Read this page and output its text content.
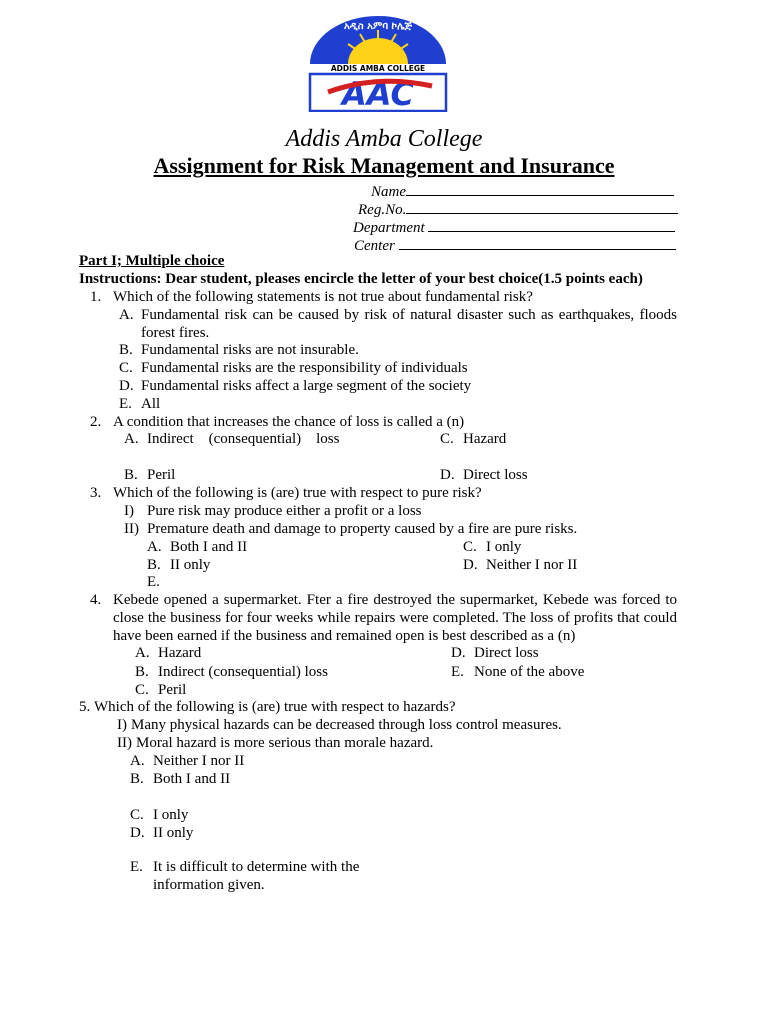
አዲስ አምባ ኮሌጅ
ADDIS AMBA COLLEGE
AAC
Addis Amba College
Assignment for Risk Management and Insurance
Name
Reg.No.
Department
Center
Part I; Multiple choice
Instructions: Dear student, pleases encircle the letter of your best choice(1.5 points each)
1. Which of the following statements is not true about fundamental risk?
A. Fundamental risk can be caused by risk of natural disaster such as earthquakes, floods forest fires.
B. Fundamental risks are not insurable.
C. Fundamental risks are the responsibility of individuals
D. Fundamental risks affect a large segment of the society
E. All
2. A condition that increases the chance of loss is called a (n)
A. Indirect    (consequential)    loss	C. Hazard
B. Peril	D. Direct loss
3. Which of the following is (are) true with respect to pure risk?
I) Pure risk may produce either a profit or a loss
II) Premature death and damage to property caused by a fire are pure risks.
A. Both I and II	C. I only
B. II only	D. Neither I nor II
E.
4. Kebede opened a supermarket. Fter a fire destroyed the supermarket, Kebede was forced to close the business for four weeks while repairs were completed. The loss of profits that could have been earned if the business and remained open is best described as a (n)
A. Hazard	D. Direct loss
B. Indirect (consequential) loss	E. None of the above
C. Peril
5. Which of the following is (are) true with respect to hazards?
I) Many physical hazards can be decreased through loss control measures.
II) Moral hazard is more serious than morale hazard.
A. Neither I nor II
B. Both I and II
C. I only
D. II only
E. It is difficult to determine with the information given.
